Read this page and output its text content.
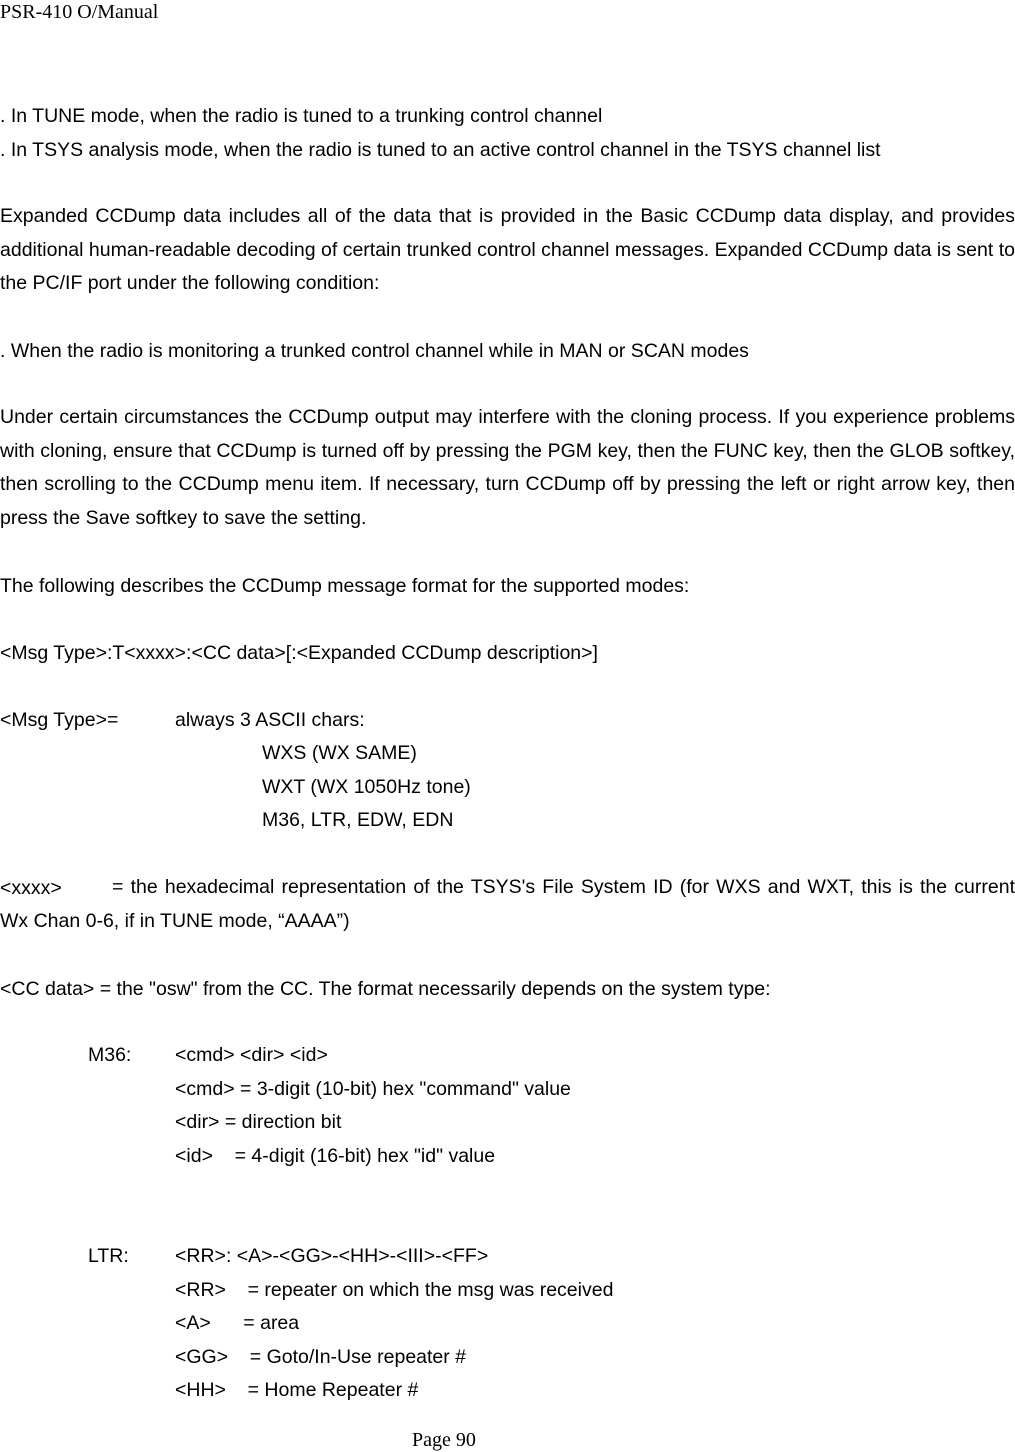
PSR-410 O/Manual
. In TUNE mode, when the radio is tuned to a trunking control channel
. In TSYS analysis mode, when the radio is tuned to an active control channel in the TSYS channel list
Expanded CCDump data includes all of the data that is provided in the Basic CCDump data display, and provides additional human-readable decoding of certain trunked control channel messages. Expanded CCDump data is sent to the PC/IF port under the following condition:
. When the radio is monitoring a trunked control channel while in MAN or SCAN modes
Under certain circumstances the CCDump output may interfere with the cloning process. If you experience problems with cloning, ensure that CCDump is turned off by pressing the PGM key, then the FUNC key, then the GLOB softkey, then scrolling to the CCDump menu item. If necessary, turn CCDump off by pressing the left or right arrow key, then press the Save softkey to save the setting.
The following describes the CCDump message format for the supported modes:
<Msg Type>:T<xxxx>:<CC data>[:<Expanded CCDump description>]
<Msg Type>=	always 3 ASCII chars:
WXS (WX SAME)
WXT (WX 1050Hz tone)
M36, LTR, EDW, EDN
<xxxx>	= the hexadecimal representation of the TSYS's File System ID (for WXS and WXT, this is the current Wx Chan 0-6, if in TUNE mode, “AAAA”)
<CC data> = the "osw" from the CC. The format necessarily depends on the system type:
M36: <cmd> <dir> <id>
<cmd> = 3-digit (10-bit) hex "command" value
<dir> = direction bit
<id>    = 4-digit (16-bit) hex "id" value
LTR: <RR>: <A>-<GG>-<HH>-<III>-<FF>
<RR>    = repeater on which the msg was received
<A>      = area
<GG>    = Goto/In-Use repeater #
<HH>    = Home Repeater #
Page 90
